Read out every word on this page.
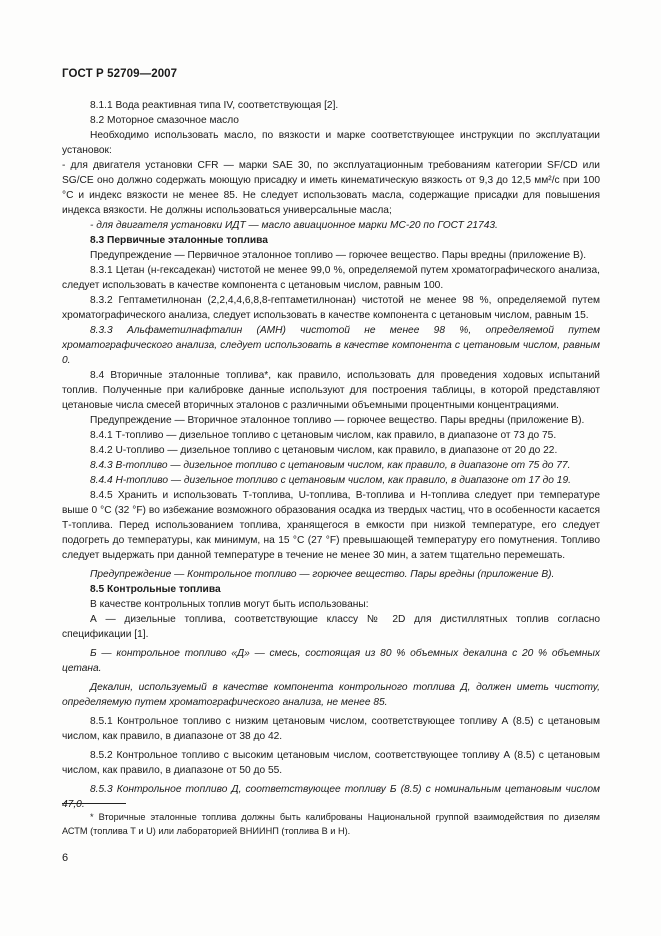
ГОСТ Р 52709—2007

8.1.1 Вода реактивная типа IV, соответствующая [2].

8.2 Моторное смазочное масло

Необходимо использовать масло, по вязкости и марке соответствующее инструкции по эксплуатации установок:

- для двигателя установки CFR — марки SAE 30, по эксплуатационным требованиям категории SF/CD или SG/CE оно должно содержать моющую присадку и иметь кинематическую вязкость от 9,3 до 12,5 мм²/с при 100 °С и индекс вязкости не менее 85. Не следует использовать масла, содержащие присадки для повышения индекса вязкости. Не должны использоваться универсальные масла;

- для двигателя установки ИДТ — масло авиационное марки МС-20 по ГОСТ 21743.

8.3 Первичные эталонные топлива

Предупреждение — Первичное эталонное топливо — горючее вещество. Пары вредны (приложение В).

8.3.1 Цетан (н-гексадекан) чистотой не менее 99,0 %, определяемой путем хроматографического анализа, следует использовать в качестве компонента с цетановым числом, равным 100.

8.3.2 Гептаметилнонан (2,2,4,4,6,8,8-гептаметилнонан) чистотой не менее 98 %, определяемой путем хроматографического анализа, следует использовать в качестве компонента с цетановым числом, равным 15.

8.3.3 Альфаметилнафталин (АМН) чистотой не менее 98 %, определяемой путем хроматографического анализа, следует использовать в качестве компонента с цетановым числом, равным 0.

8.4 Вторичные эталонные топлива*, как правило, использовать для проведения ходовых испытаний топлив. Полученные при калибровке данные используют для построения таблицы, в которой представляют цетановые числа смесей вторичных эталонов с различными объемными процентными концентрациями.

Предупреждение — Вторичное эталонное топливо — горючее вещество. Пары вредны (приложение В).

8.4.1 Т-топливо — дизельное топливо с цетановым числом, как правило, в диапазоне от 73 до 75.

8.4.2 U-топливо — дизельное топливо с цетановым числом, как правило, в диапазоне от 20 до 22.

8.4.3 В-топливо — дизельное топливо с цетановым числом, как правило, в диапазоне от 75 до 77.

8.4.4 Н-топливо — дизельное топливо с цетановым числом, как правило, в диапазоне от 17 до 19.

8.4.5 Хранить и использовать Т-топлива, U-топлива, В-топлива и Н-топлива следует при температуре выше 0 °С (32 °F) во избежание возможного образования осадка из твердых частиц, что в особенности касается Т-топлива. Перед использованием топлива, хранящегося в емкости при низкой температуре, его следует подогреть до температуры, как минимум, на 15 °С (27 °F) превышающей температуру его помутнения. Топливо следует выдержать при данной температуре в течение не менее 30 мин, а затем тщательно перемешать.

Предупреждение — Контрольное топливо — горючее вещество. Пары вредны (приложение В).

8.5 Контрольные топлива

В качестве контрольных топлив могут быть использованы:

А — дизельные топлива, соответствующие классу № 2D для дистиллятных топлив согласно спецификации [1].

Б — контрольное топливо «Д» — смесь, состоящая из 80 % объемных декалина с 20 % объемных цетана.

Декалин, используемый в качестве компонента контрольного топлива Д, должен иметь чистоту, определяемую путем хроматографического анализа, не менее 85.

8.5.1 Контрольное топливо с низким цетановым числом, соответствующее топливу А (8.5) с цетановым числом, как правило, в диапазоне от 38 до 42.

8.5.2 Контрольное топливо с высоким цетановым числом, соответствующее топливу А (8.5) с цетановым числом, как правило, в диапазоне от 50 до 55.

8.5.3 Контрольное топливо Д, соответствующее топливу Б (8.5) с номинальным цетановым числом 47,0.

* Вторичные эталонные топлива должны быть калиброваны Национальной группой взаимодействия по дизелям АСТМ (топлива Т и U) или лабораторией ВНИИНП (топлива В и Н).

6
